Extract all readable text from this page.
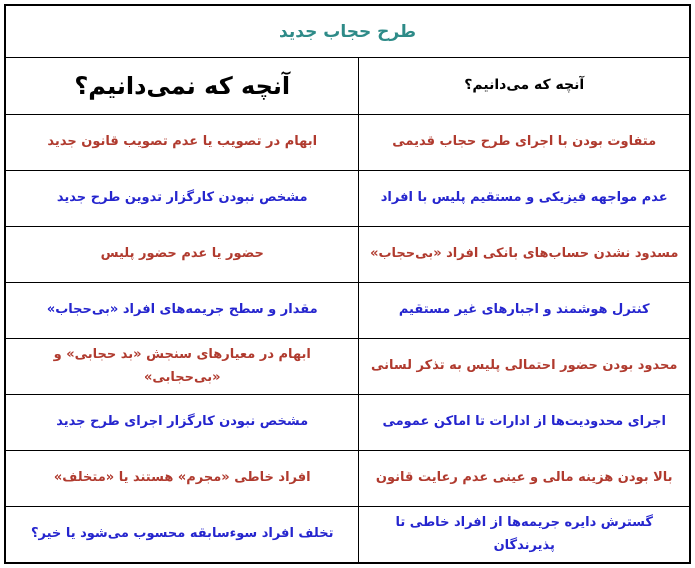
طرح حجاب جدید
آنچه که می‌دانیم؟
آنچه که نمی‌دانیم؟
متفاوت بودن با اجرای طرح حجاب قدیمی
ابهام در تصویب یا عدم تصویب قانون جدید
عدم مواجهه فیزیکی و مستقیم پلیس با افراد
مشخص نبودن کارگزار تدوین طرح جدید
مسدود نشدن حساب‌های بانکی افراد «بی‌حجاب»
حضور یا عدم حضور پلیس
کنترل هوشمند و اجبارهای غیر مستقیم
مقدار و سطح جریمه‌های افراد «بی‌حجاب»
محدود بودن حضور احتمالی پلیس به تذکر لسانی
ابهام در معیارهای سنجش «بد حجابی» و «بی‌حجابی»
اجرای محدودیت‌ها از ادارات تا اماکن عمومی
مشخص نبودن کارگزار اجرای طرح جدید
بالا بودن هزینه مالی و عینی عدم رعایت قانون
افراد خاطی «مجرم» هستند یا «متخلف»
گسترش دایره جریمه‌ها از افراد خاطی تا پذیرندگان
تخلف افراد سوءسابقه محسوب می‌شود یا خیر؟
